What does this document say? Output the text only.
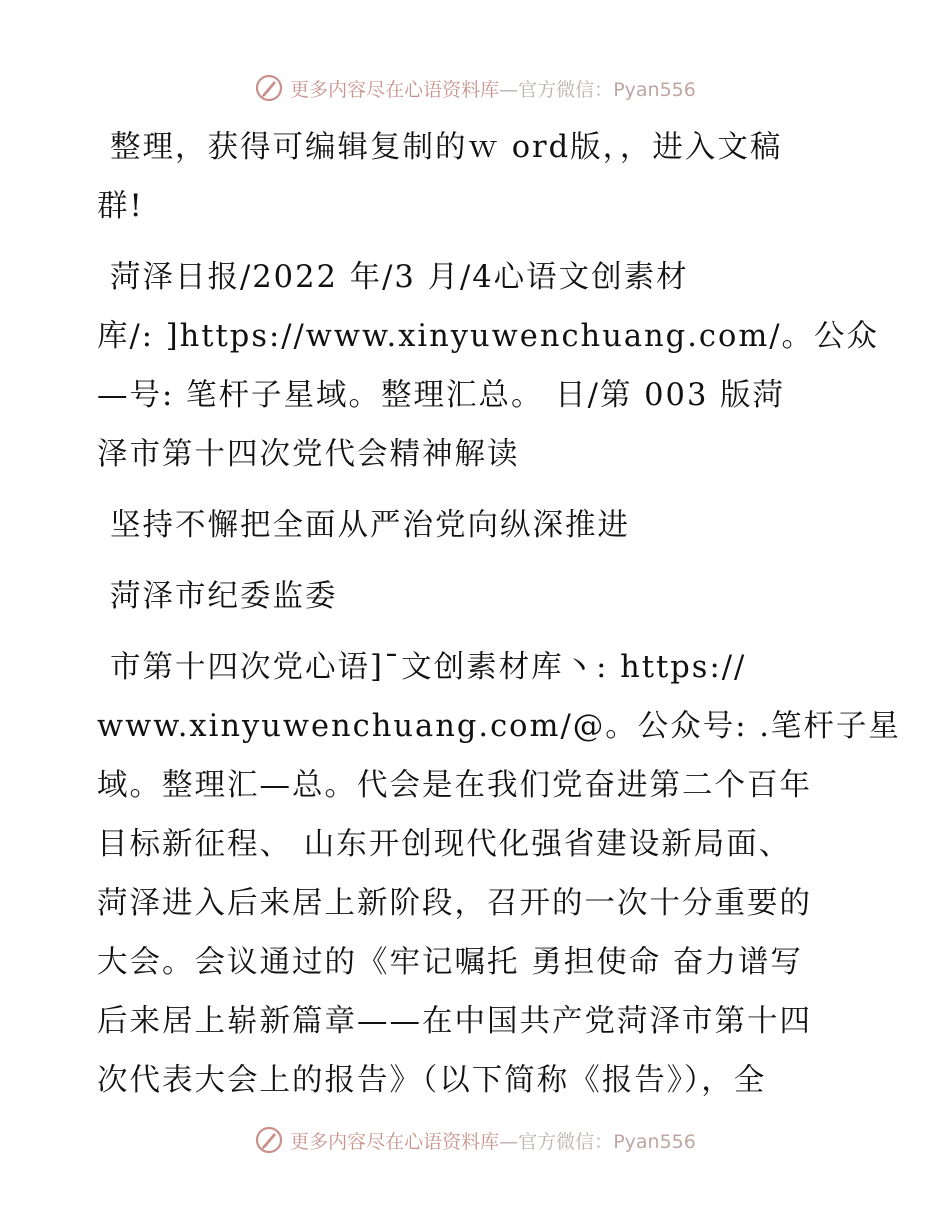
更多内容尽在心语资料库—官方微信：Pyan556

整理，获得可编辑复制的ｗ ord版，，进入文稿
群!

菏泽日报/2022 年/3 月/4心语文创素材
库/: ]https://www.xinyuwenchuang.com/。公众
—号: 笔杆子星域。整理汇总。 日/第 003 版菏
泽市第十四次党代会精神解读

坚持不懈把全面从严治党向纵深推进

菏泽市纪委监委

市第十四次党心语]¯文创素材库丶: https://
www.xinyuwenchuang.com/@。公众号: .笔杆子星
域。整理汇—总。代会是在我们党奋进第二个百年
目标新征程、 山东开创现代化强省建设新局面、
菏泽进入后来居上新阶段，召开的一次十分重要的
大会。会议通过的《牢记嘱托 勇担使命 奋力谱写
后来居上崭新篇章——在中国共产党菏泽市第十四
次代表大会上的报告》（以下简称《报告》），全

更多内容尽在心语资料库—官方微信：Pyan556
